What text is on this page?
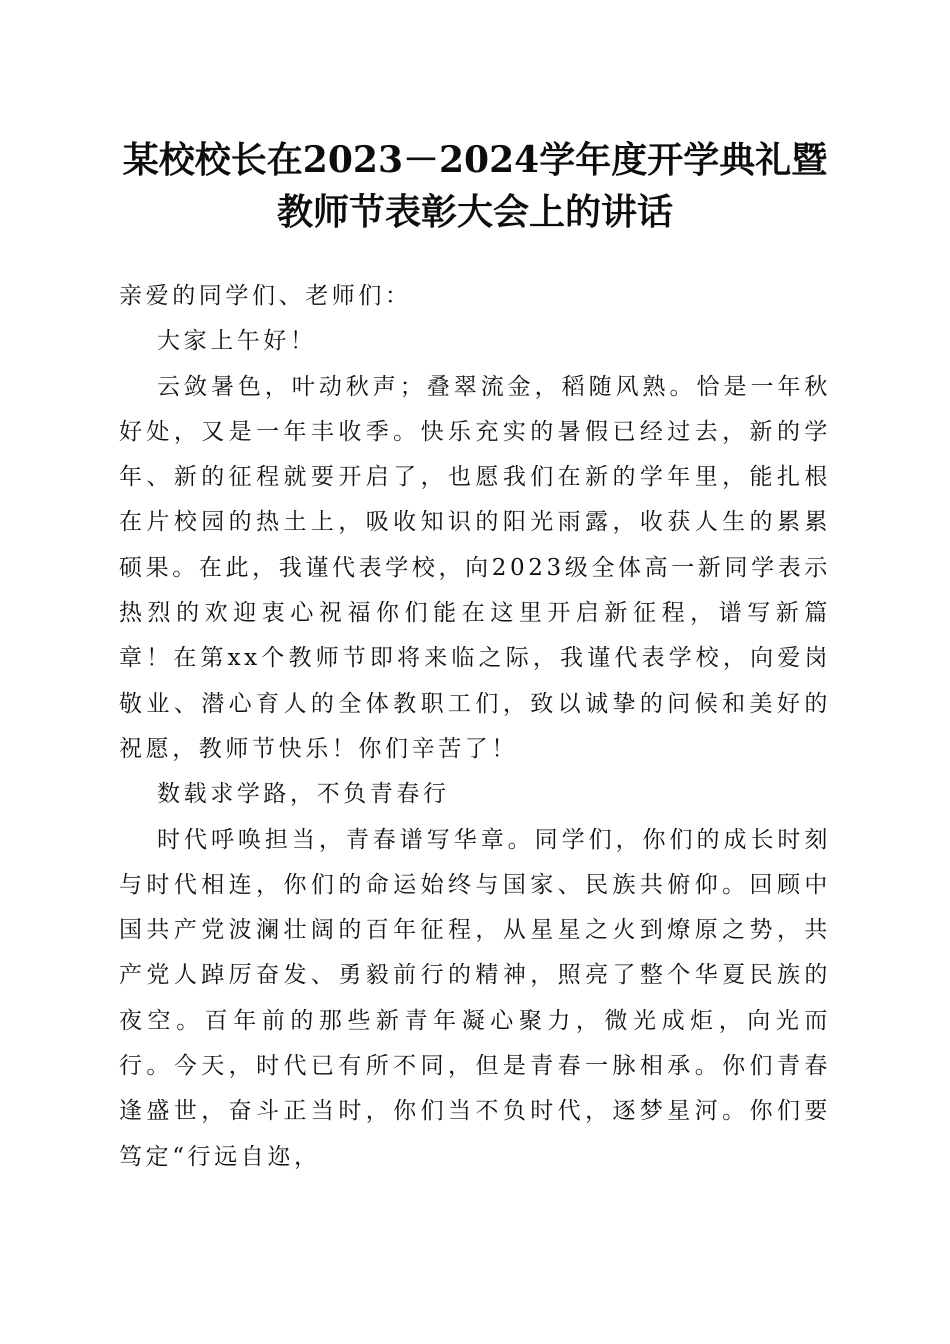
某校校长在2023－2024学年度开学典礼暨教师节表彰大会上的讲话

亲爱的同学们、老师们：

大家上午好！

云敛暑色，叶动秋声；叠翠流金，稻随风熟。恰是一年秋好处，又是一年丰收季。快乐充实的暑假已经过去，新的学年、新的征程就要开启了，也愿我们在新的学年里，能扎根在片校园的热土上，吸收知识的阳光雨露，收获人生的累累硕果。在此，我谨代表学校，向2023级全体高一新同学表示热烈的欢迎衷心祝福你们能在这里开启新征程，谱写新篇章！在第xx个教师节即将来临之际，我谨代表学校，向爱岗敬业、潜心育人的全体教职工们，致以诚挚的问候和美好的祝愿，教师节快乐！你们辛苦了！

数载求学路，不负青春行

时代呼唤担当，青春谱写华章。同学们，你们的成长时刻与时代相连，你们的命运始终与国家、民族共俯仰。回顾中国共产党波澜壮阔的百年征程，从星星之火到燎原之势，共产党人踔厉奋发、勇毅前行的精神，照亮了整个华夏民族的夜空。百年前的那些新青年凝心聚力，微光成炬，向光而行。今天，时代已有所不同，但是青春一脉相承。你们青春逢盛世，奋斗正当时，你们当不负时代，逐梦星河。你们要笃定“行远自迩，
